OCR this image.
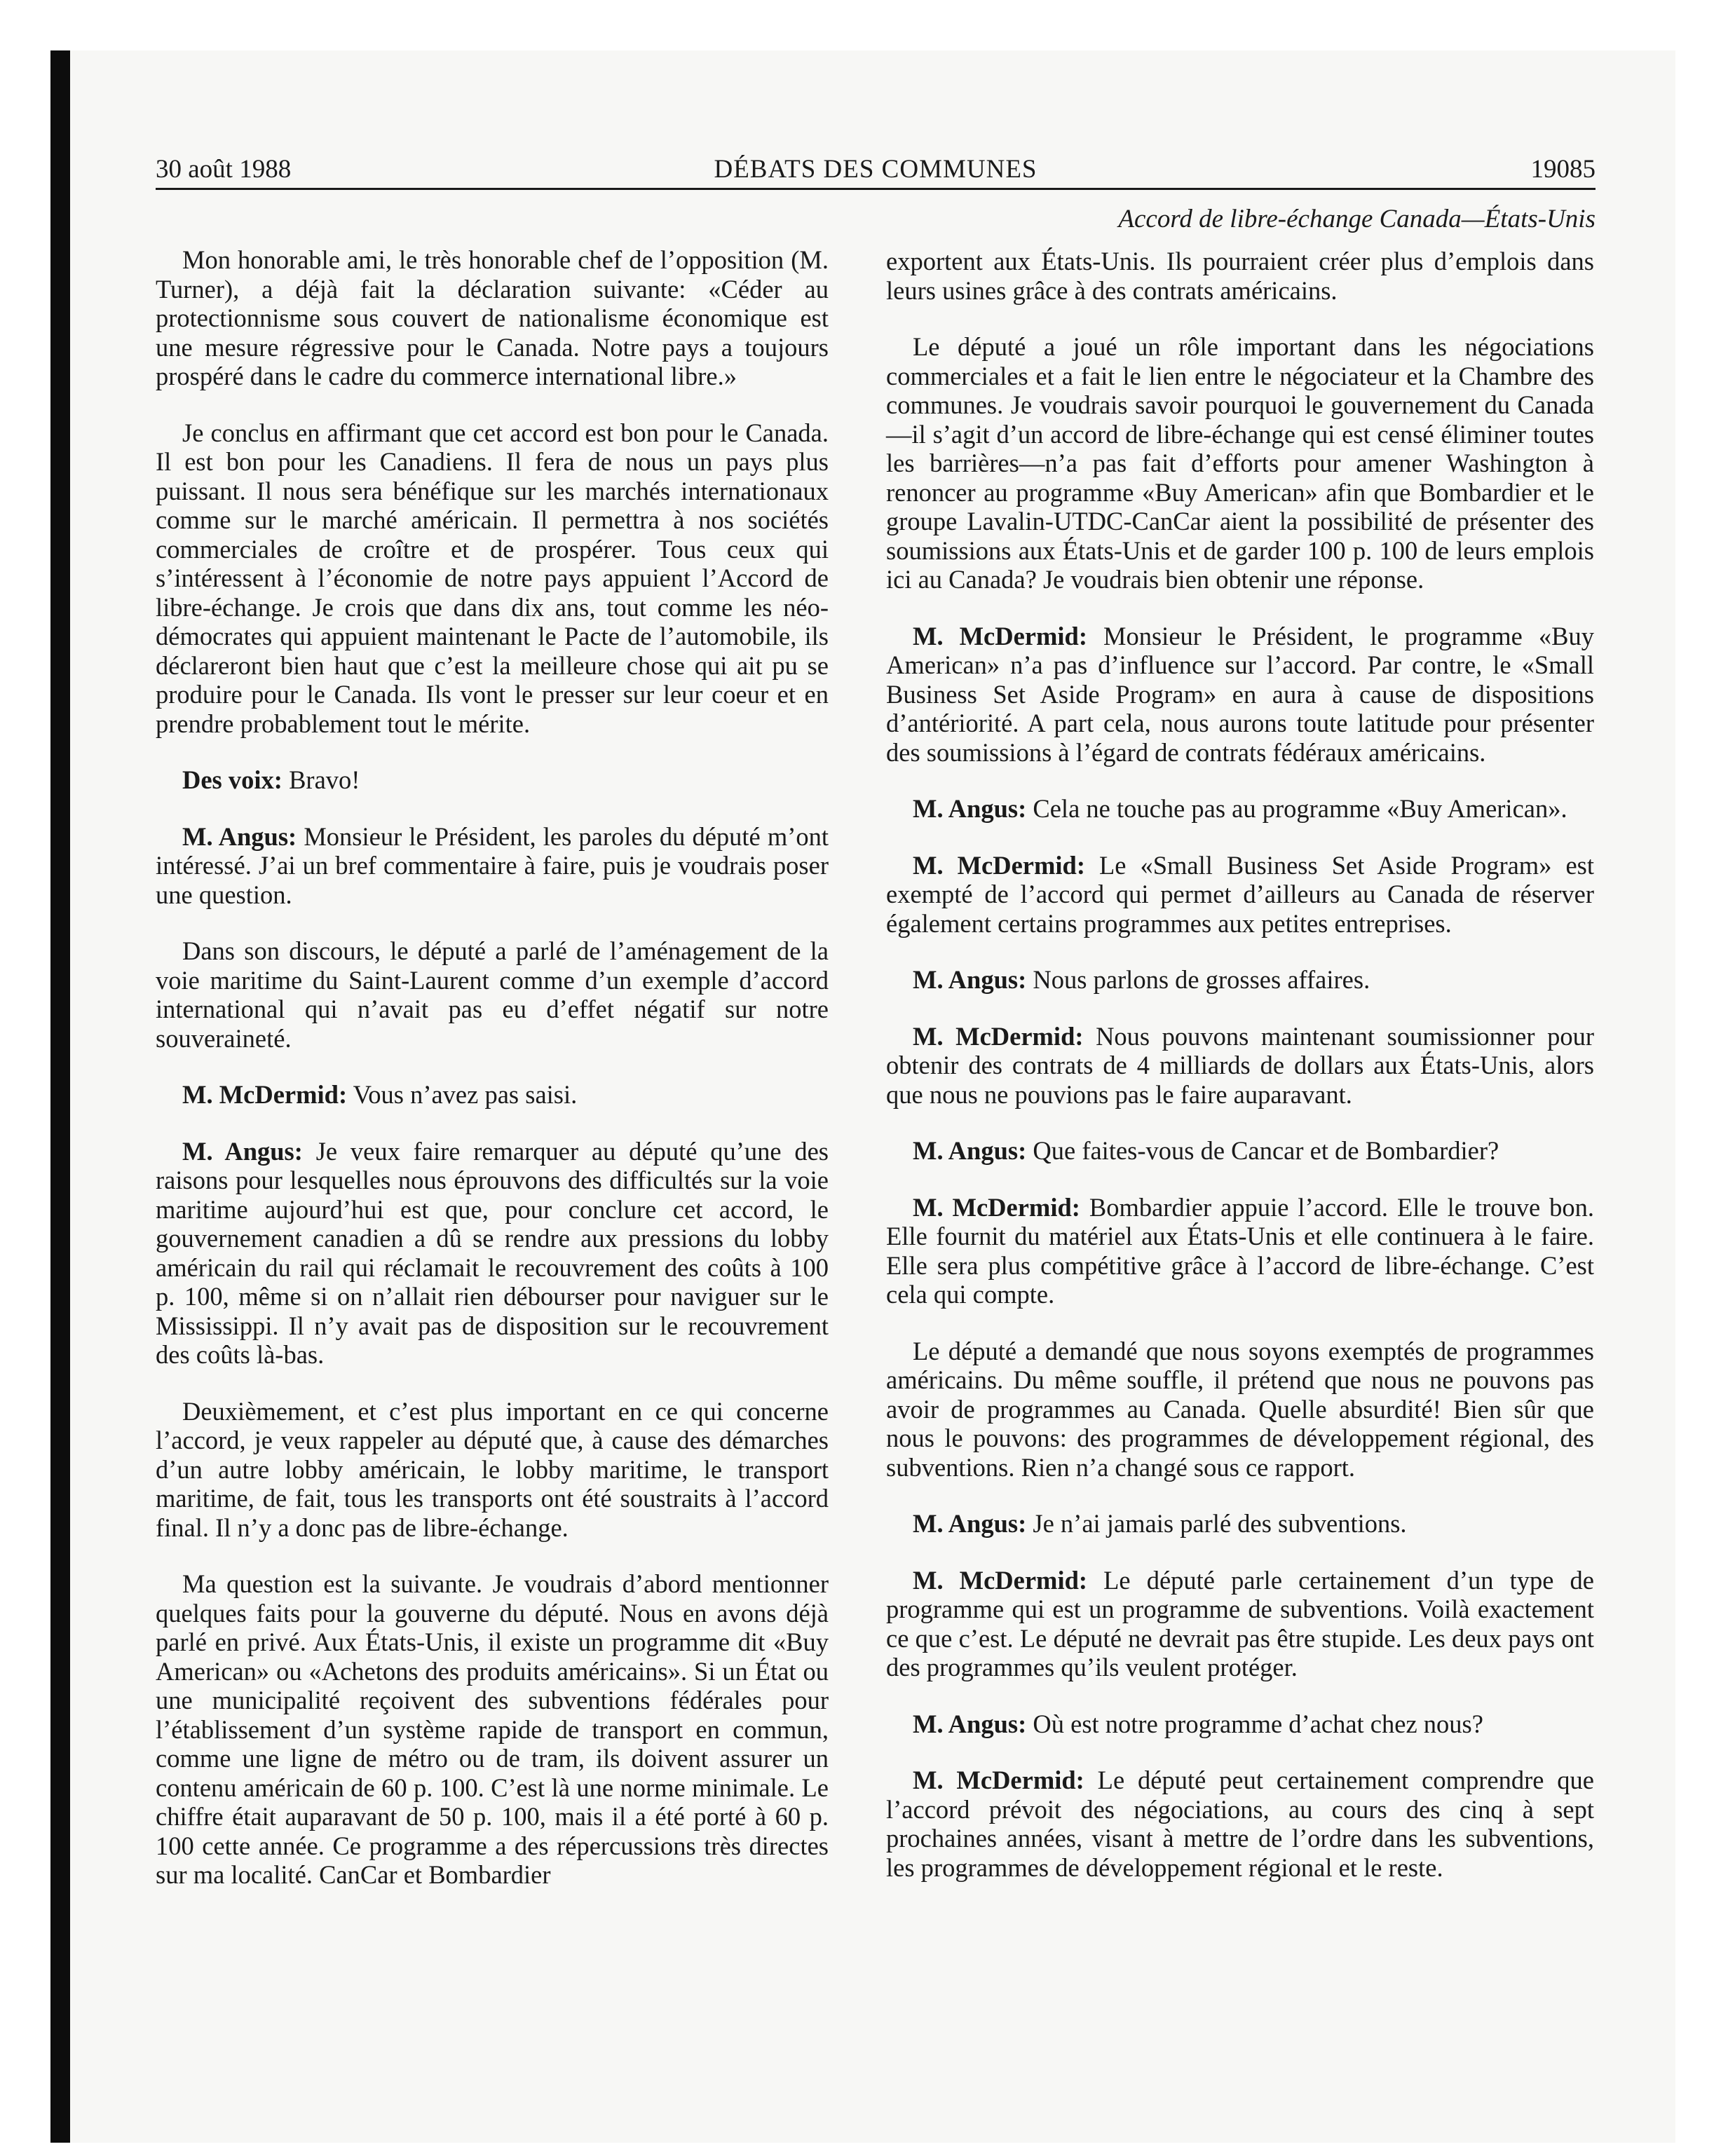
30 août 1988	DÉBATS DES COMMUNES	19085
Accord de libre-échange Canada—États-Unis

Mon honorable ami, le très honorable chef de l’opposition (M. Turner), a déjà fait la déclaration suivante: «Céder au protectionnisme sous couvert de nationalisme économique est une mesure régressive pour le Canada. Notre pays a toujours prospéré dans le cadre du commerce international libre.»

Je conclus en affirmant que cet accord est bon pour le Canada. Il est bon pour les Canadiens. Il fera de nous un pays plus puissant. Il nous sera bénéfique sur les marchés internationaux comme sur le marché américain. Il permettra à nos sociétés commerciales de croître et de prospérer. Tous ceux qui s’intéressent à l’économie de notre pays appuient l’Accord de libre-échange. Je crois que dans dix ans, tout comme les néo-démocrates qui appuient maintenant le Pacte de l’automobile, ils déclareront bien haut que c’est la meilleure chose qui ait pu se produire pour le Canada. Ils vont le presser sur leur coeur et en prendre probablement tout le mérite.

Des voix: Bravo!

M. Angus: Monsieur le Président, les paroles du député m’ont intéressé. J’ai un bref commentaire à faire, puis je voudrais poser une question.

Dans son discours, le député a parlé de l’aménagement de la voie maritime du Saint-Laurent comme d’un exemple d’accord international qui n’avait pas eu d’effet négatif sur notre souveraineté.

M. McDermid: Vous n’avez pas saisi.

M. Angus: Je veux faire remarquer au député qu’une des raisons pour lesquelles nous éprouvons des difficultés sur la voie maritime aujourd’hui est que, pour conclure cet accord, le gouvernement canadien a dû se rendre aux pressions du lobby américain du rail qui réclamait le recouvrement des coûts à 100 p. 100, même si on n’allait rien débourser pour naviguer sur le Mississippi. Il n’y avait pas de disposition sur le recouvrement des coûts là-bas.

Deuxièmement, et c’est plus important en ce qui concerne l’accord, je veux rappeler au député que, à cause des démarches d’un autre lobby américain, le lobby maritime, le transport maritime, de fait, tous les transports ont été soustraits à l’accord final. Il n’y a donc pas de libre-échange.

Ma question est la suivante. Je voudrais d’abord mentionner quelques faits pour la gouverne du député. Nous en avons déjà parlé en privé. Aux États-Unis, il existe un programme dit «Buy American» ou «Achetons des produits américains». Si un État ou une municipalité reçoivent des subventions fédérales pour l’établissement d’un système rapide de transport en commun, comme une ligne de métro ou de tram, ils doivent assurer un contenu américain de 60 p. 100. C’est là une norme minimale. Le chiffre était auparavant de 50 p. 100, mais il a été porté à 60 p. 100 cette année. Ce programme a des répercussions très directes sur ma localité. CanCar et Bombardier

exportent aux États-Unis. Ils pourraient créer plus d’emplois dans leurs usines grâce à des contrats américains.

Le député a joué un rôle important dans les négociations commerciales et a fait le lien entre le négociateur et la Chambre des communes. Je voudrais savoir pourquoi le gouvernement du Canada—il s’agit d’un accord de libre-échange qui est censé éliminer toutes les barrières—n’a pas fait d’efforts pour amener Washington à renoncer au programme «Buy American» afin que Bombardier et le groupe Lavalin-UTDC-CanCar aient la possibilité de présenter des soumissions aux États-Unis et de garder 100 p. 100 de leurs emplois ici au Canada? Je voudrais bien obtenir une réponse.

M. McDermid: Monsieur le Président, le programme «Buy American» n’a pas d’influence sur l’accord. Par contre, le «Small Business Set Aside Program» en aura à cause de dispositions d’antériorité. A part cela, nous aurons toute latitude pour présenter des soumissions à l’égard de contrats fédéraux américains.

M. Angus: Cela ne touche pas au programme «Buy American».

M. McDermid: Le «Small Business Set Aside Program» est exempté de l’accord qui permet d’ailleurs au Canada de réserver également certains programmes aux petites entreprises.

M. Angus: Nous parlons de grosses affaires.

M. McDermid: Nous pouvons maintenant soumissionner pour obtenir des contrats de 4 milliards de dollars aux États-Unis, alors que nous ne pouvions pas le faire auparavant.

M. Angus: Que faites-vous de Cancar et de Bombardier?

M. McDermid: Bombardier appuie l’accord. Elle le trouve bon. Elle fournit du matériel aux États-Unis et elle continuera à le faire. Elle sera plus compétitive grâce à l’accord de libre-échange. C’est cela qui compte.

Le député a demandé que nous soyons exemptés de programmes américains. Du même souffle, il prétend que nous ne pouvons pas avoir de programmes au Canada. Quelle absurdité! Bien sûr que nous le pouvons: des programmes de développement régional, des subventions. Rien n’a changé sous ce rapport.

M. Angus: Je n’ai jamais parlé des subventions.

M. McDermid: Le député parle certainement d’un type de programme qui est un programme de subventions. Voilà exactement ce que c’est. Le député ne devrait pas être stupide. Les deux pays ont des programmes qu’ils veulent protéger.

M. Angus: Où est notre programme d’achat chez nous?

M. McDermid: Le député peut certainement comprendre que l’accord prévoit des négociations, au cours des cinq à sept prochaines années, visant à mettre de l’ordre dans les subventions, les programmes de développement régional et le reste.
